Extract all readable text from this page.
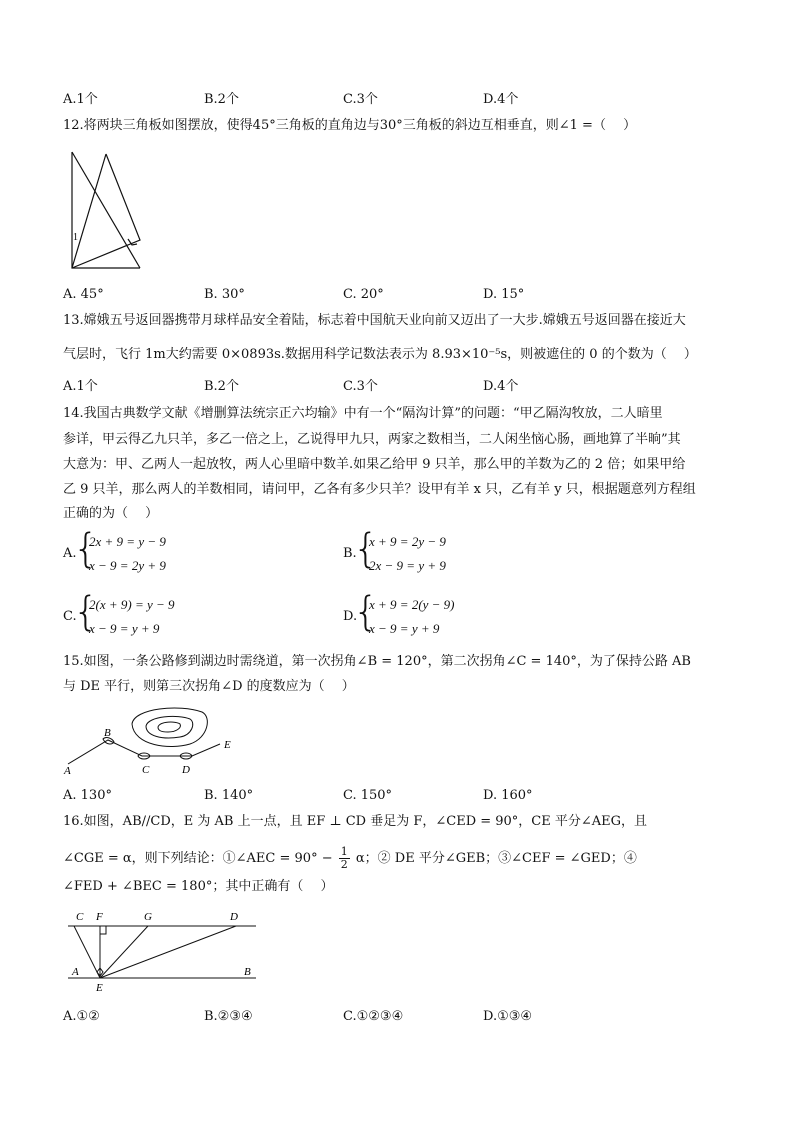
A.1个	B.2个	C.3个	D.4个
12.将两块三角板如图摆放，使得45°三角板的直角边与30°三角板的斜边互相垂直，则∠1 =（　 ）
1
A. 45°	B. 30°	C. 20°	D. 15°
13.嫦娥五号返回器携带月球样品安全着陆，标志着中国航天业向前又迈出了一大步.嫦娥五号返回器在接近大
气层时，飞行 1m大约需要 0×0893s.数据用科学记数法表示为 8.93×10⁻⁵s，则被遮住的 0 的个数为（　 ）
A.1个	B.2个	C.3个	D.4个
14.我国古典数学文献《增删算法统宗正六均输》中有一个“隔沟计算”的问题：“甲乙隔沟牧放，二人暗里
参详，甲云得乙九只羊，多乙一倍之上，乙说得甲九只，两家之数相当，二人闲坐恼心肠，画地算了半晌”其
大意为：甲、乙两人一起放牧，两人心里暗中数羊.如果乙给甲 9 只羊，那么甲的羊数为乙的 2 倍；如果甲给
乙 9 只羊，那么两人的羊数相同，请问甲，乙各有多少只羊？设甲有羊 x 只，乙有羊 y 只，根据题意列方程组
正确的为（　 ）
A.
{
2x + 9 = y − 9
x − 9 = 2y + 9
B.
{
x + 9 = 2y − 9
2x − 9 = y + 9
C.
{
2(x + 9) = y − 9
x − 9 = y + 9
D.
{
x + 9 = 2(y − 9)
x − 9 = y + 9
15.如图，一条公路修到湖边时需绕道，第一次拐角∠B = 120°，第二次拐角∠C = 140°，为了保持公路 AB
与 DE 平行，则第三次拐角∠D 的度数应为（　 ）
A
B
C	D
E
A. 130°	B. 140°	C. 150°	D. 160°
16.如图，AB//CD，E 为 AB 上一点，且 EF ⊥ CD 垂足为 F，∠CED = 90°，CE 平分∠AEG，且
∠CGE = α，则下列结论：①∠AEC = $90^\circ - \frac{1}{2}$ α；② DE 平分∠GEB；③∠CEF = ∠GED；④
∠FED + ∠BEC = 180°；其中正确有（　 ）
C F	G	D
A
E
B
A.①②	B.②③④	C.①②③④	D.①③④
